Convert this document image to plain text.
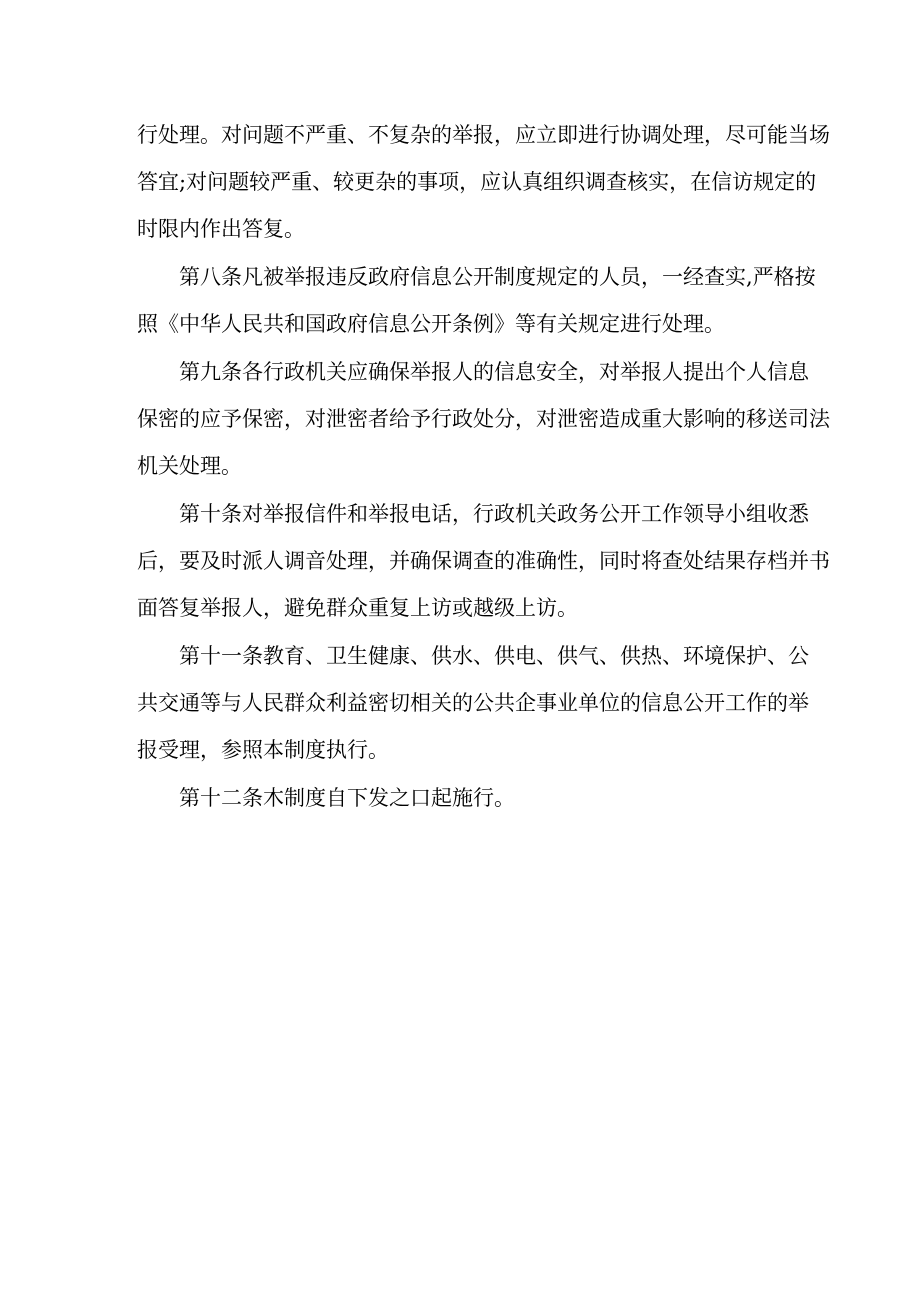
行处理。对问题不严重、不复杂的举报，应立即进行协调处理，尽可能当场
答宜;对问题较严重、较更杂的事项，应认真组织调查核实，在信访规定的
时限内作出答复。
第八条凡被举报违反政府信息公开制度规定的人员，一经查实,严格按
照《中华人民共和国政府信息公开条例》等有关规定进行处理。
第九条各行政机关应确保举报人的信息安全，对举报人提出个人信息
保密的应予保密，对泄密者给予行政处分，对泄密造成重大影响的移送司法
机关处理。
第十条对举报信件和举报电话，行政机关政务公开工作领导小组收悉
后，要及时派人调音处理，并确保调查的准确性，同时将查处结果存档并书
面答复举报人，避免群众重复上访或越级上访。
第十一条教育、卫生健康、供水、供电、供气、供热、环境保护、公
共交通等与人民群众利益密切相关的公共企事业单位的信息公开工作的举
报受理，参照本制度执行。
第十二条木制度自下发之口起施行。
